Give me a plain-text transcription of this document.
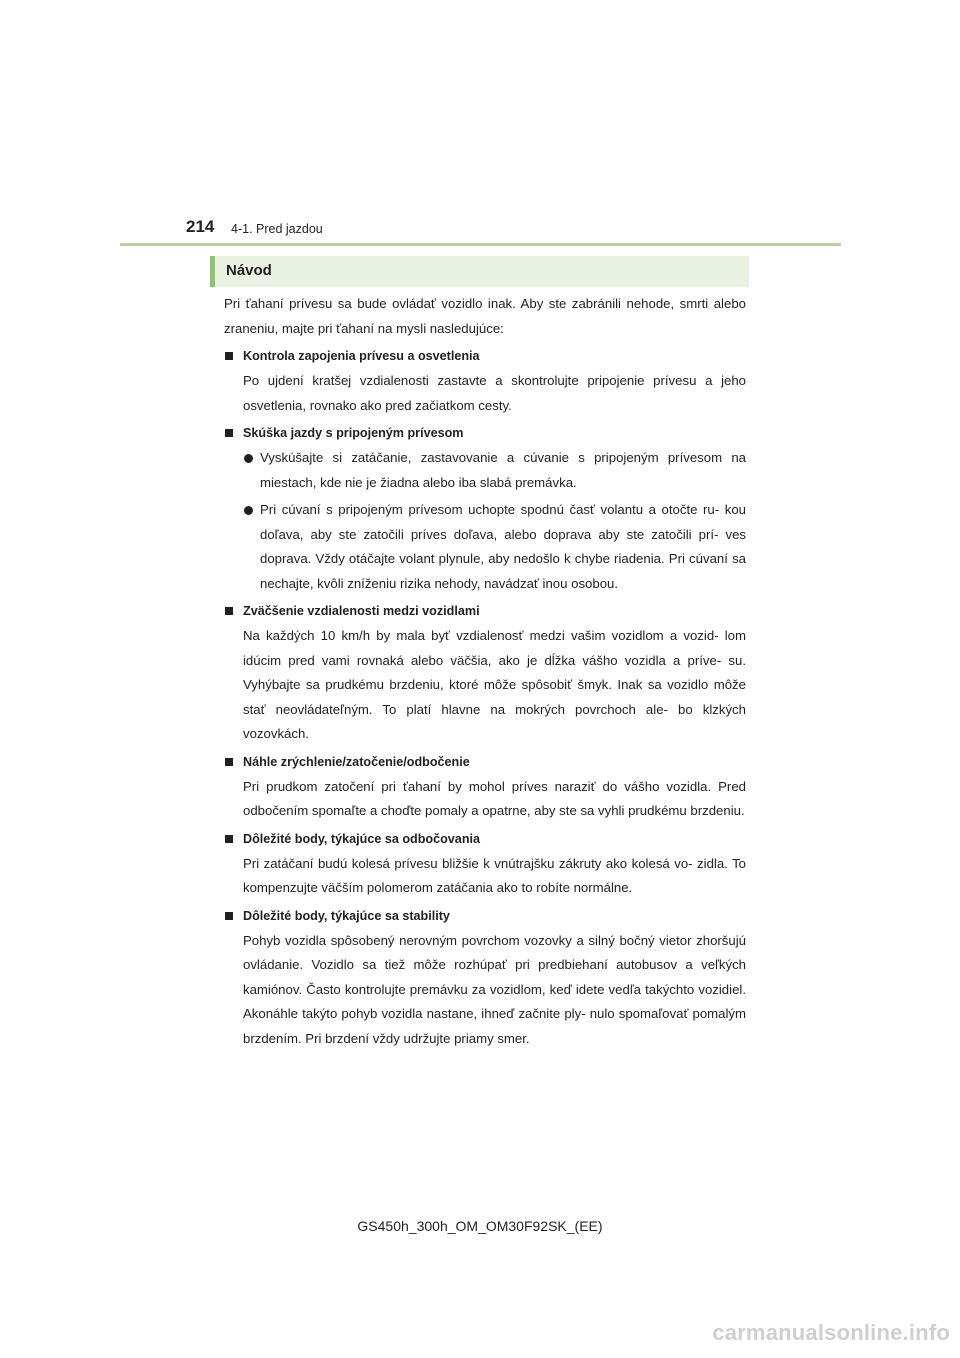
214 4-1. Pred jazdou
Návod

Pri ťahaní prívesu sa bude ovládať vozidlo inak. Aby ste zabránili nehode, smrti alebo zraneniu, majte pri ťahaní na mysli nasledujúce:

Kontrola zapojenia prívesu a osvetlenia

Po ujdení kratšej vzdialenosti zastavte a skontrolujte pripojenie prívesu a jeho osvetlenia, rovnako ako pred začiatkom cesty.

Skúška jazdy s pripojeným prívesom
Vyskúšajte si zatáčanie, zastavovanie a cúvanie s pripojeným prívesom na miestach, kde nie je žiadna alebo iba slabá premávka.
Pri cúvaní s pripojeným prívesom uchopte spodnú časť volantu a otočte ru- kou doľava, aby ste zatočili príves doľava, alebo doprava aby ste zatočili prí- ves doprava. Vždy otáčajte volant plynule, aby nedošlo k chybe riadenia. Pri cúvaní sa nechajte, kvôli zníženiu rizika nehody, navádzať inou osobou.
Zväčšenie vzdialenosti medzi vozidlami

Na každých 10 km/h by mala byť vzdialenosť medzi vašim vozidlom a vozid- lom idúcim pred vami rovnaká alebo väčšia, ako je dĺžka vášho vozidla a príve- su. Vyhýbajte sa prudkému brzdeniu, ktoré môže spôsobiť šmyk. Inak sa vozidlo môže stať neovládateľným. To platí hlavne na mokrých povrchoch ale- bo klzkých vozovkách.

Náhle zrýchlenie/zatočenie/odbočenie

Pri prudkom zatočení pri ťahaní by mohol príves naraziť do vášho vozidla. Pred odbočením spomaľte a choďte pomaly a opatrne, aby ste sa vyhli prudkému brzdeniu.

Dôležité body, týkajúce sa odbočovania

Pri zatáčaní budú kolesá prívesu bližšie k vnútrajšku zákruty ako kolesá vo- zidla. To kompenzujte väčším polomerom zatáčania ako to robíte normálne.

Dôležité body, týkajúce sa stability

Pohyb vozidla spôsobený nerovným povrchom vozovky a silný bočný vietor zhoršujú ovládanie. Vozidlo sa tiež môže rozhúpať pri predbiehaní autobusov a veľkých kamiónov. Často kontrolujte premávku za vozidlom, keď idete vedľa takýchto vozidiel. Akonáhle takýto pohyb vozidla nastane, ihneď začnite ply- nulo spomaľovať pomalým brzdením. Pri brzdení vždy udržujte priamy smer.

GS450h_300h_OM_OM30F92SK_(EE)
carmanualsonline.info
